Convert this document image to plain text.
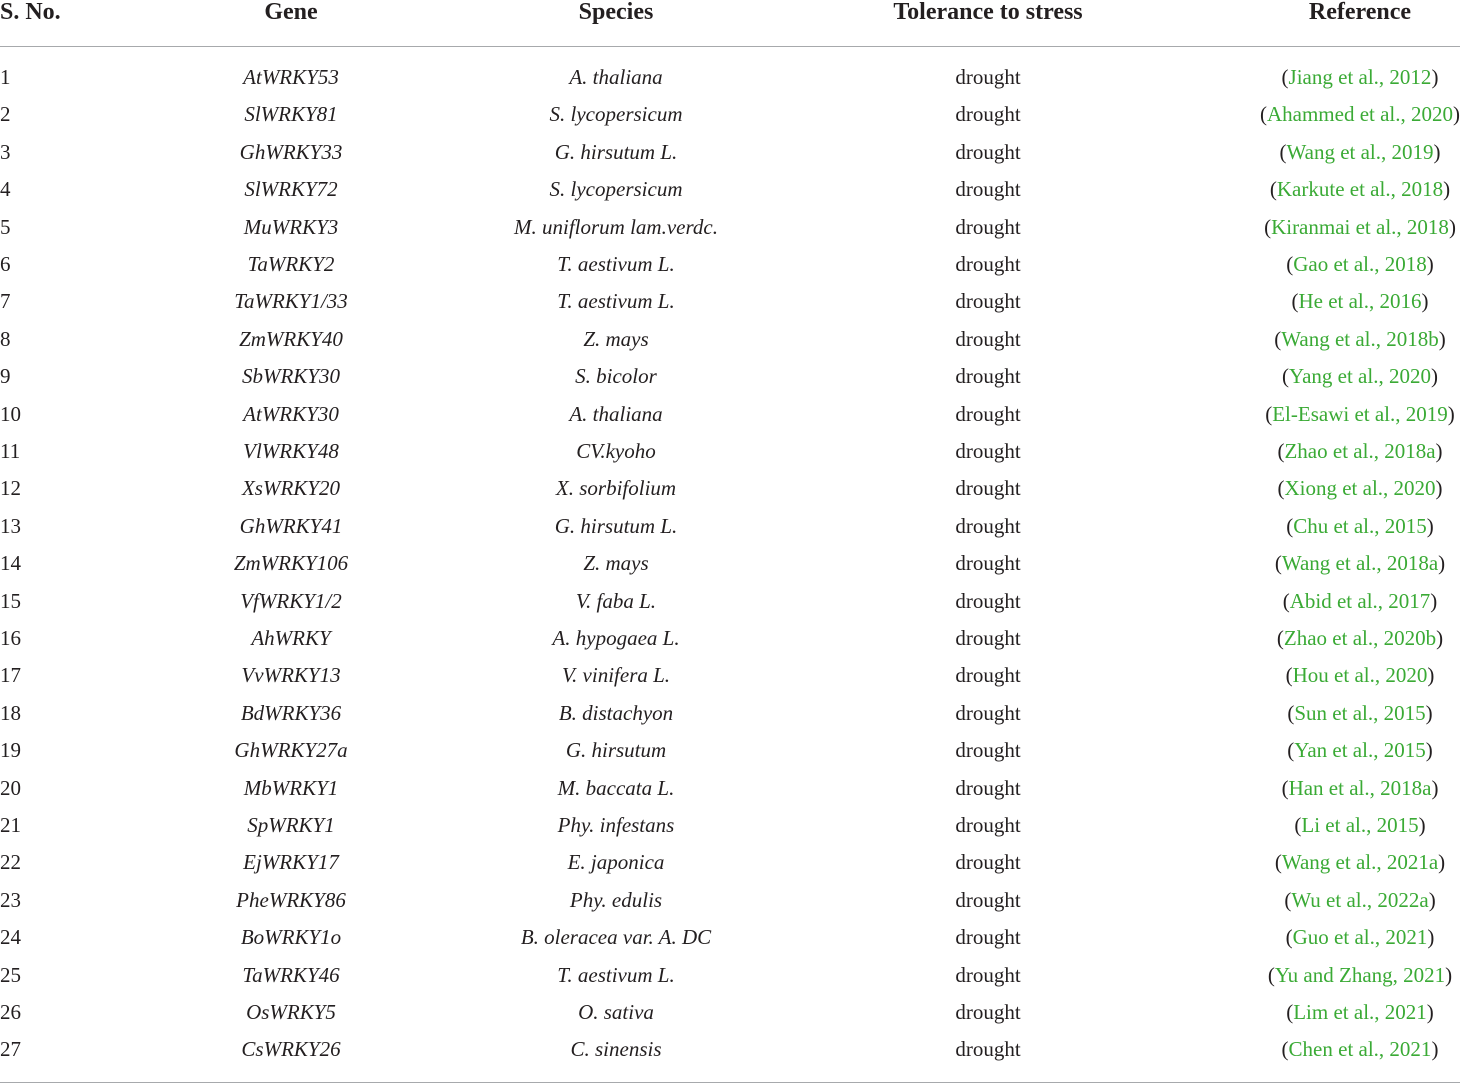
S. No.	Gene	Species	Tolerance to stress	Reference
1	AtWRKY53	A. thaliana	drought	(Jiang et al., 2012)
2	SlWRKY81	S. lycopersicum	drought	(Ahammed et al., 2020)
3	GhWRKY33	G. hirsutum L.	drought	(Wang et al., 2019)
4	SlWRKY72	S. lycopersicum	drought	(Karkute et al., 2018)
5	MuWRKY3	M. uniflorum lam.verdc.	drought	(Kiranmai et al., 2018)
6	TaWRKY2	T. aestivum L.	drought	(Gao et al., 2018)
7	TaWRKY1/33	T. aestivum L.	drought	(He et al., 2016)
8	ZmWRKY40	Z. mays	drought	(Wang et al., 2018b)
9	SbWRKY30	S. bicolor	drought	(Yang et al., 2020)
10	AtWRKY30	A. thaliana	drought	(El-Esawi et al., 2019)
11	VlWRKY48	CV.kyoho	drought	(Zhao et al., 2018a)
12	XsWRKY20	X. sorbifolium	drought	(Xiong et al., 2020)
13	GhWRKY41	G. hirsutum L.	drought	(Chu et al., 2015)
14	ZmWRKY106	Z. mays	drought	(Wang et al., 2018a)
15	VfWRKY1/2	V. faba L.	drought	(Abid et al., 2017)
16	AhWRKY	A. hypogaea L.	drought	(Zhao et al., 2020b)
17	VvWRKY13	V. vinifera L.	drought	(Hou et al., 2020)
18	BdWRKY36	B. distachyon	drought	(Sun et al., 2015)
19	GhWRKY27a	G. hirsutum	drought	(Yan et al., 2015)
20	MbWRKY1	M. baccata L.	drought	(Han et al., 2018a)
21	SpWRKY1	Phy. infestans	drought	(Li et al., 2015)
22	EjWRKY17	E. japonica	drought	(Wang et al., 2021a)
23	PheWRKY86	Phy. edulis	drought	(Wu et al., 2022a)
24	BoWRKY1o	B. oleracea var. A. DC	drought	(Guo et al., 2021)
25	TaWRKY46	T. aestivum L.	drought	(Yu and Zhang, 2021)
26	OsWRKY5	O. sativa	drought	(Lim et al., 2021)
27	CsWRKY26	C. sinensis	drought	(Chen et al., 2021)
